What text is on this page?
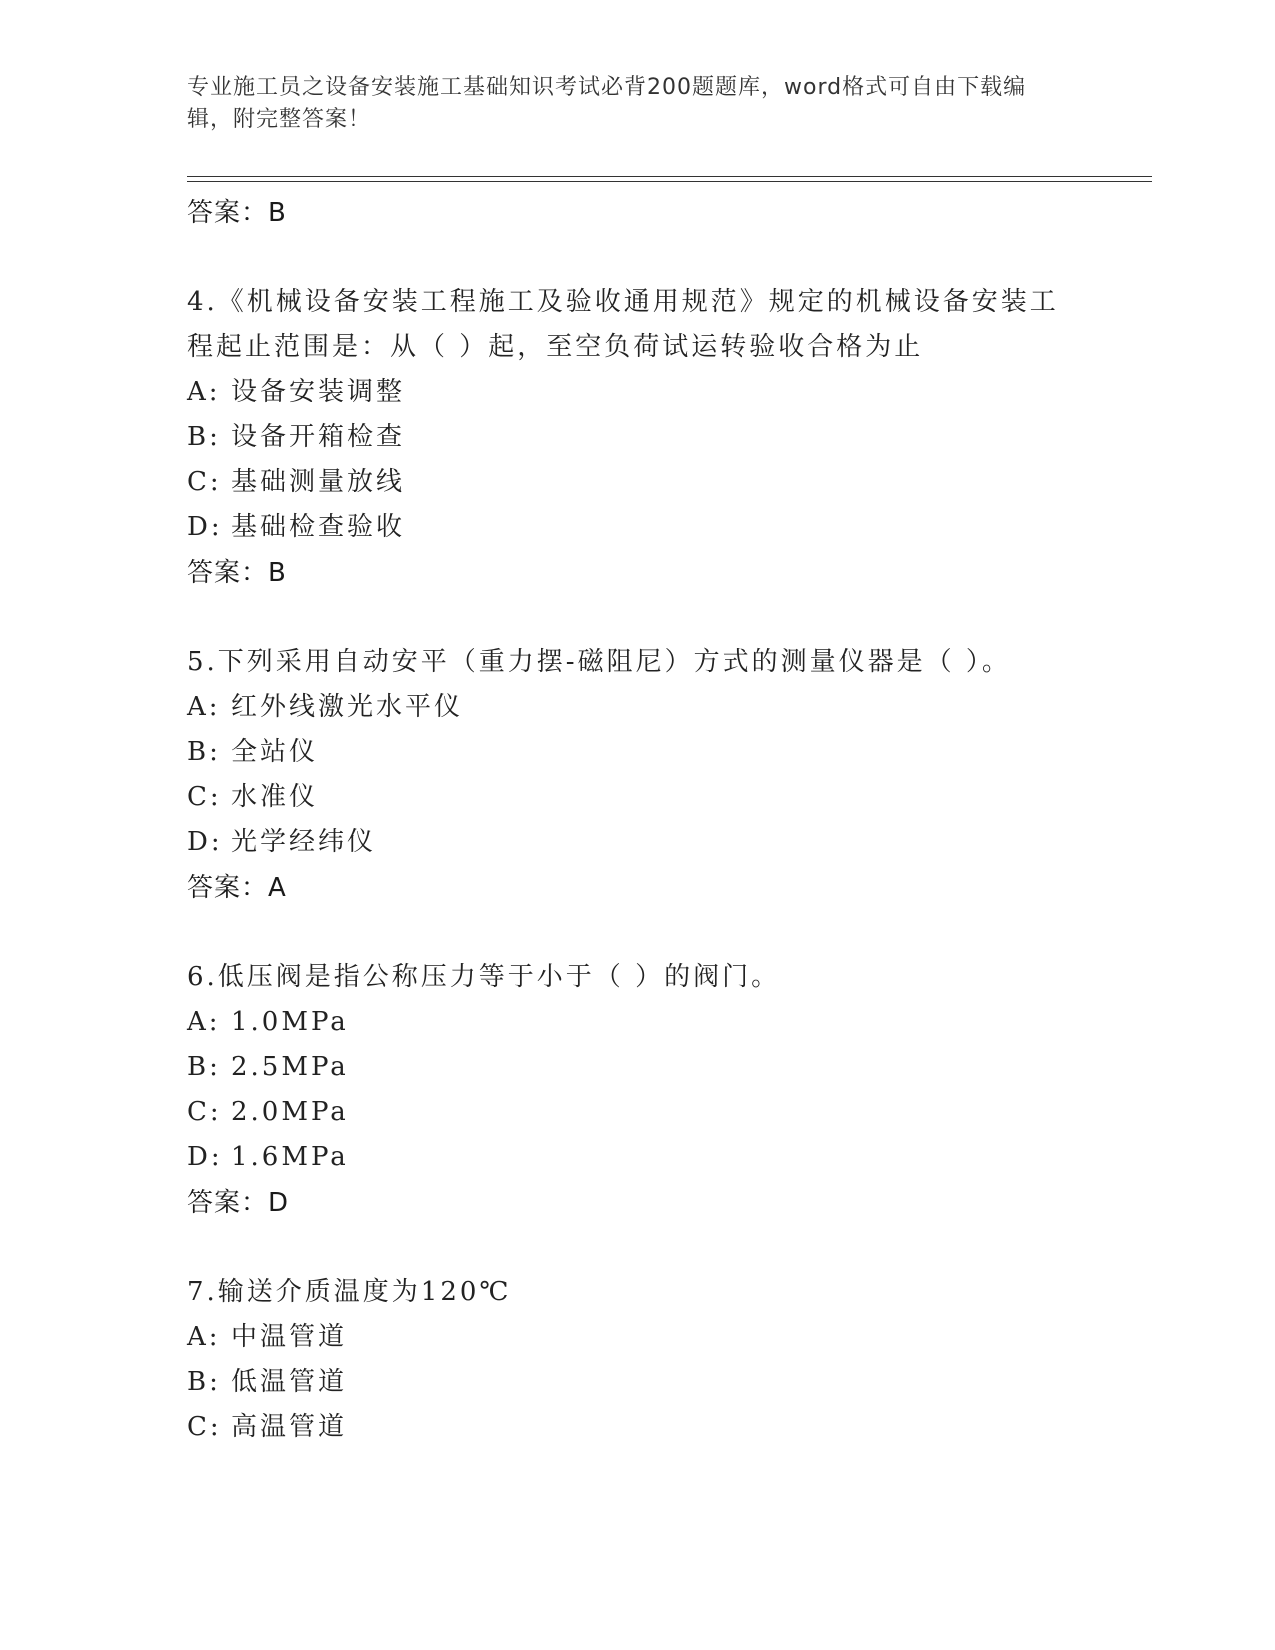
专业施工员之设备安装施工基础知识考试必背200题题库，word格式可自由下载编辑，附完整答案！
答案：B
4.《机械设备安装工程施工及验收通用规范》规定的机械设备安装工程起止范围是：从（ ）起，至空负荷试运转验收合格为止
A: 设备安装调整
B: 设备开箱检查
C: 基础测量放线
D: 基础检查验收
答案：B
5.下列采用自动安平（重力摆-磁阻尼）方式的测量仪器是（ ）。
A: 红外线激光水平仪
B: 全站仪
C: 水准仪
D: 光学经纬仪
答案：A
6.低压阀是指公称压力等于小于（ ）的阀门。
A: 1.0MPa
B: 2.5MPa
C: 2.0MPa
D: 1.6MPa
答案：D
7.输送介质温度为120℃
A: 中温管道
B: 低温管道
C: 高温管道
